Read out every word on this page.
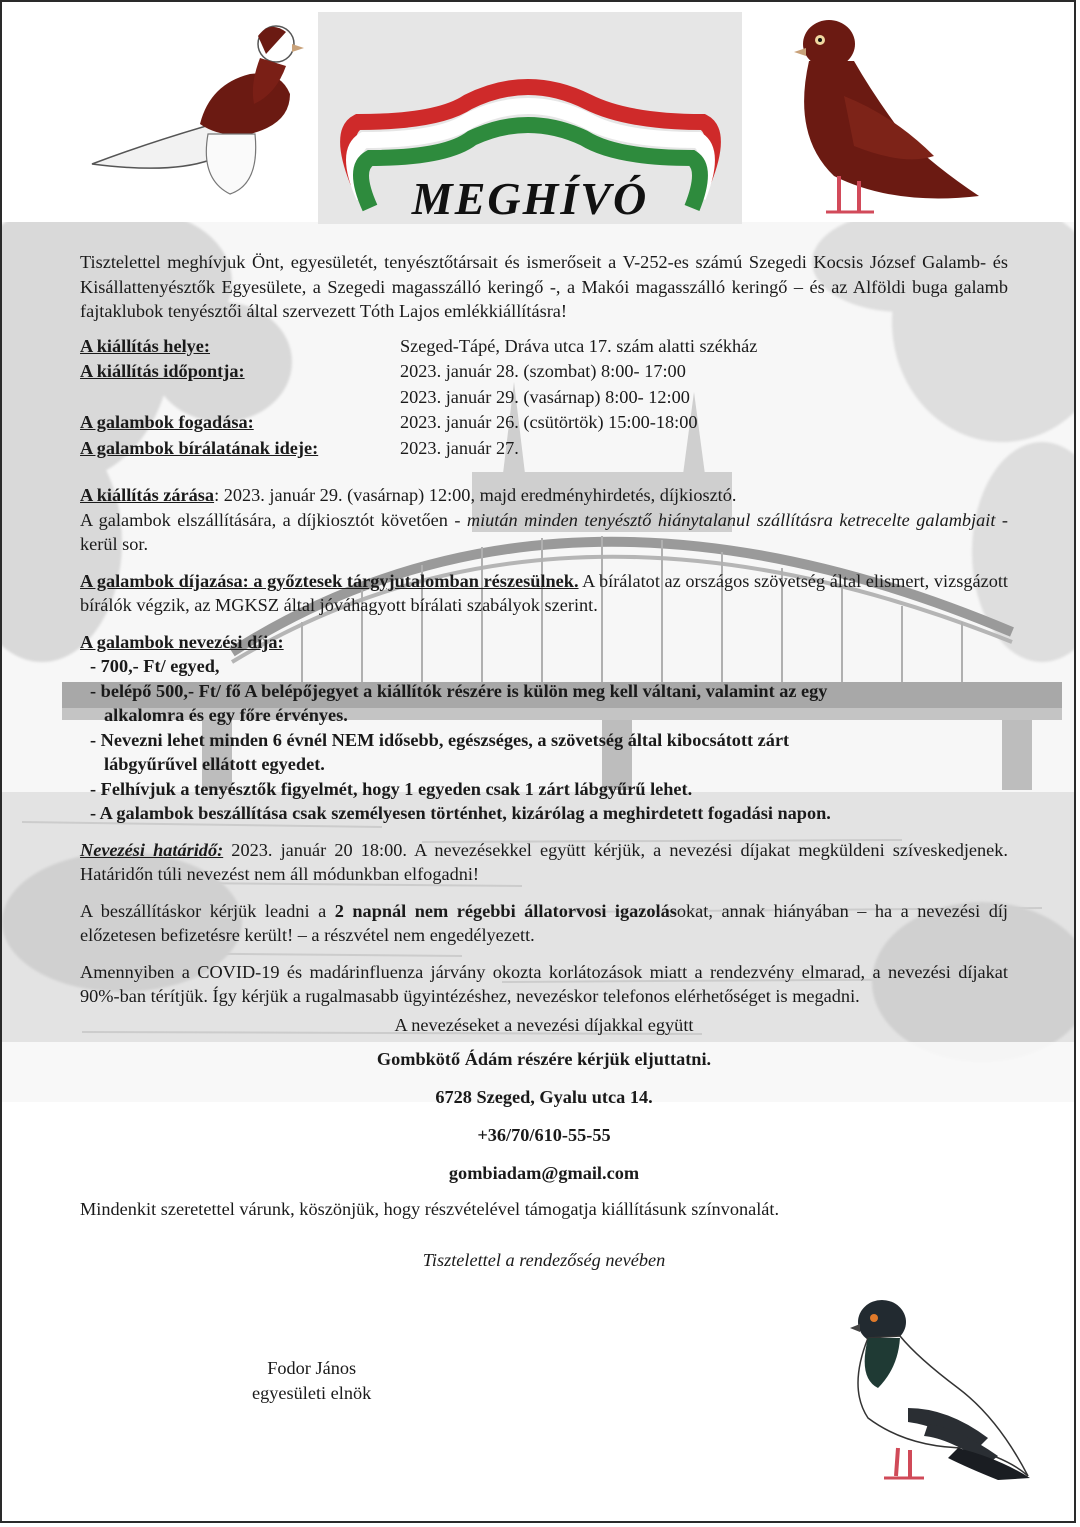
MEGHÍVÓ

Tisztelettel meghívjuk Önt, egyesületét, tenyésztőtársait és ismerőseit a V-252-es számú Szegedi Kocsis József Galamb- és Kisállattenyésztők Egyesülete, a Szegedi magasszálló keringő -, a Makói magasszálló keringő – és az Alföldi buga galamb fajtaklubok tenyésztői által szervezett Tóth Lajos emlékkiállításra!

A kiállítás helye:	Szeged-Tápé, Dráva utca 17. szám alatti székház
A kiállítás időpontja:	2023. január 28. (szombat) 8:00- 17:00
2023. január 29. (vasárnap) 8:00- 12:00
A galambok fogadása:	2023. január 26. (csütörtök) 15:00-18:00
A galambok bírálatának ideje:	2023. január 27.

A kiállítás zárása: 2023. január 29. (vasárnap) 12:00, majd eredményhirdetés, díjkiosztó.

A galambok elszállítására, a díjkiosztót követően - miután minden tenyésztő hiánytalanul szállításra ketrecelte galambjait - kerül sor.

A galambok díjazása: a győztesek tárgyjutalomban részesülnek. A bírálatot az országos szövetség által elismert, vizsgázott bírálók végzik, az MGKSZ által jóváhagyott bírálati szabályok szerint.

A galambok nevezési díja:
- 700,- Ft/ egyed,
- belépő 500,- Ft/ fő A belépőjegyet a kiállítók részére is külön meg kell váltani, valamint az egy
alkalomra és egy főre érvényes.
- Nevezni lehet minden 6 évnél NEM idősebb, egészséges, a szövetség által kibocsátott zárt
lábgyűrűvel ellátott egyedet.
- Felhívjuk a tenyésztők figyelmét, hogy 1 egyeden csak 1 zárt lábgyűrű lehet.
- A galambok beszállítása csak személyesen történhet, kizárólag a meghirdetett fogadási napon.

Nevezési határidő: 2023. január 20 18:00. A nevezésekkel együtt kérjük, a nevezési díjakat megküldeni szíveskedjenek. Határidőn túli nevezést nem áll módunkban elfogadni!

A beszállításkor kérjük leadni a 2 napnál nem régebbi állatorvosi igazolásokat, annak hiányában – ha a nevezési díj előzetesen befizetésre került! – a részvétel nem engedélyezett.

Amennyiben a COVID-19 és madárinfluenza járvány okozta korlátozások miatt a rendezvény elmarad, a nevezési díjakat 90%-ban térítjük. Így kérjük a rugalmasabb ügyintézéshez, nevezéskor telefonos elérhetőséget is megadni.

A nevezéseket a nevezési díjakkal együtt
Gombkötő Ádám részére kérjük eljuttatni.
6728 Szeged, Gyalu utca 14.
+36/70/610-55-55
gombiadam@gmail.com

Mindenkit szeretettel várunk, köszönjük, hogy részvételével támogatja kiállításunk színvonalát.

Tisztelettel a rendezőség nevében
Fodor János
egyesületi elnök
